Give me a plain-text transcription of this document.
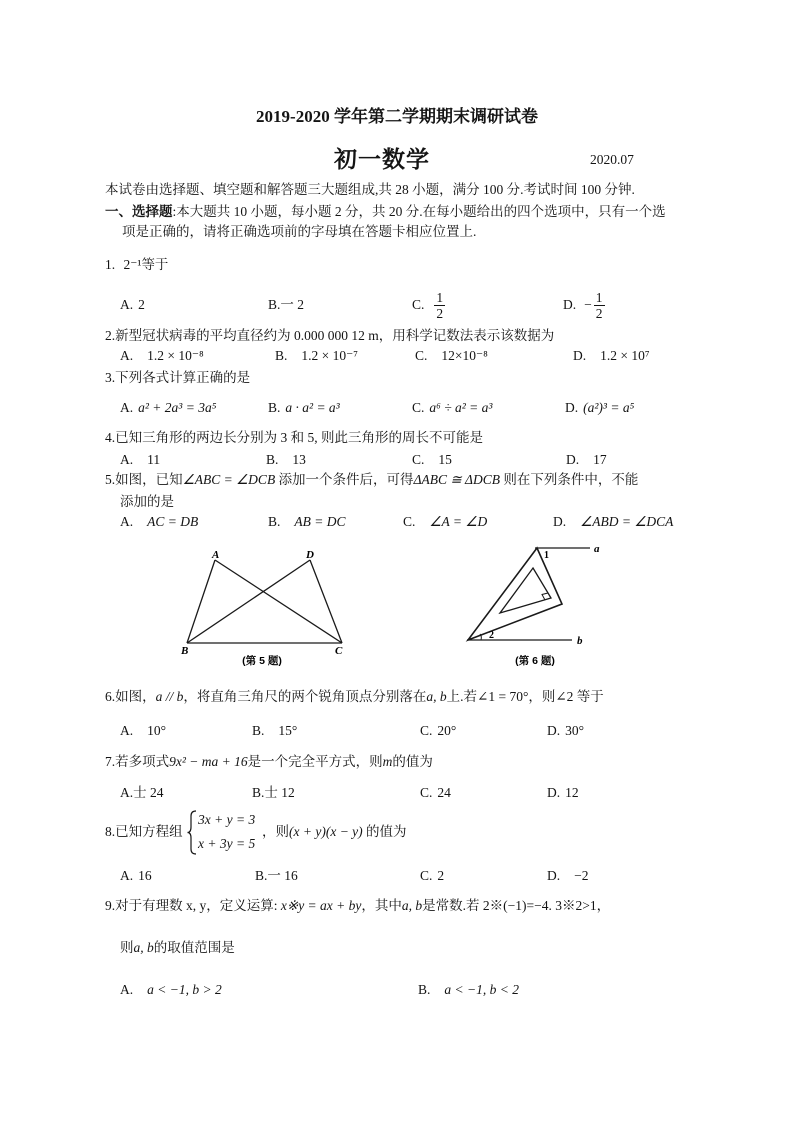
2019-2020 学年第二学期期末调研试卷
初一数学	2020.07
本试卷由选择题、填空题和解答题三大题组成,共 28 小题，满分 100 分.考试时间 100 分钟.
一、选择题:本大题共 10 小题，每小题 2 分，共 20 分.在每小题给出的四个选项中，只有一个选
项是正确的，请将正确选项前的字母填在答题卡相应位置上.
1. 2⁻¹等于
A. 2	B. 一 2	C. $\frac{1}{2}$	D. − $\frac{1}{2}$
2.新型冠状病毒的平均直径约为 0.000 000 12 m，用科学记数法表示该数据为
A. 1.2 × 10⁻⁸	B. 1.2 × 10⁻⁷	C. 12×10⁻⁸	D. 1.2 × 10⁷
3.下列各式计算正确的是
A. a² + 2a³ = 3a⁵	B. a · a² = a³	C. a⁶ ÷ a² = a³	D. (a²)³ = a⁵
4.已知三角形的两边长分别为 3 和 5, 则此三角形的周长不可能是
A. 11	B. 13	C. 15	D. 17
5.如图，已知∠ABC = ∠DCB 添加一个条件后，可得ΔABC ≅ ΔDCB 则在下列条件中，不能
添加的是
A. AC = DB	B. AB = DC	C. ∠A = ∠D	D. ∠ABD = ∠DCA
A	D
B	C
(第 5 题)
a
b
1
2
(第 6 题)
6.如图，a // b，将直角三角尺的两个锐角顶点分别落在a, b上.若∠1 = 70°，则∠2 等于
A. 10°	B. 15°	C. 20°	D. 30°
7.若多项式9x² − ma + 16是一个完全平方式，则m的值为
A. 士 24	B. 士 12	C. 24	D. 12
8.已知方程组
3x + y = 3
x + 3y = 5
，则(x + y)(x − y) 的值为
A. 16	B. 一 16	C. 2	D. −2
9.对于有理数 x, y，定义运算: x※y = ax + by，其中a, b是常数.若 2※(−1)=−4. 3※2>1，
则a, b的取值范围是
A. a < −1, b > 2	B. a < −1, b < 2
